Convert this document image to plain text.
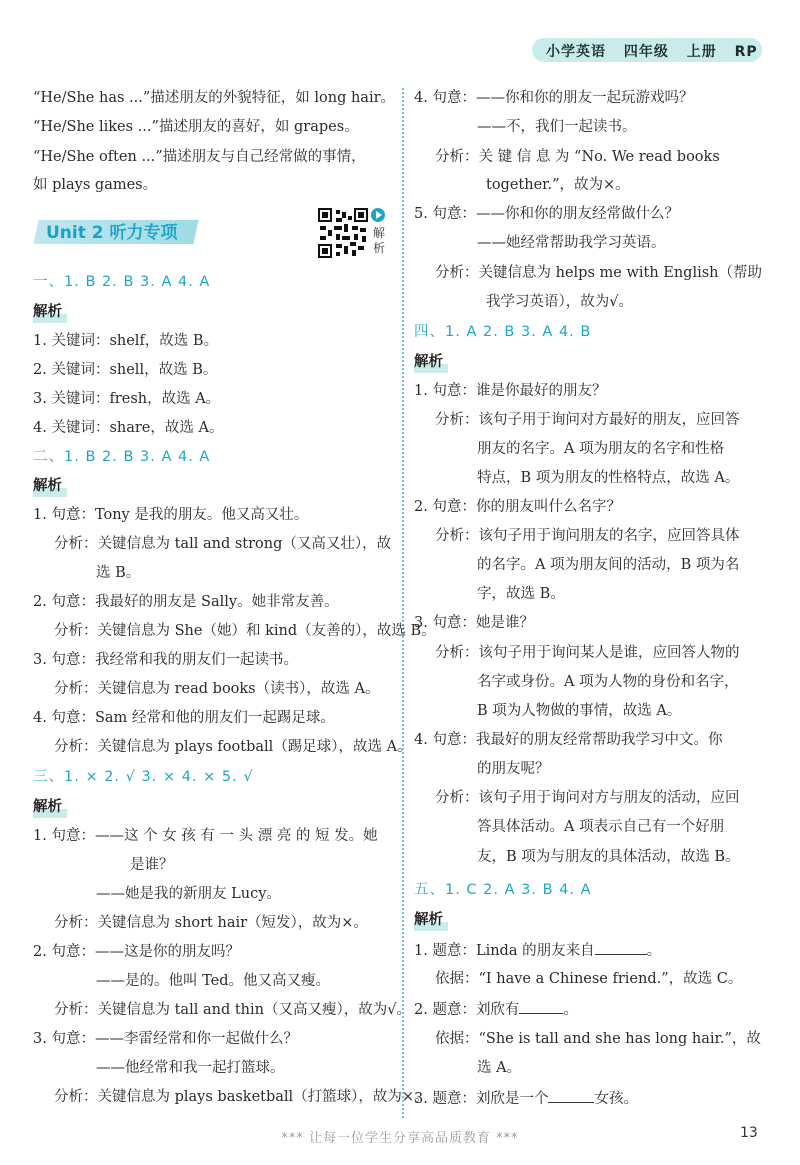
小学英语 四年级 上册 RP
“He/She has ...”描述朋友的外貌特征，如 long hair。
“He/She likes ...”描述朋友的喜好，如 grapes。
“He/She often ...”描述朋友与自己经常做的事情，
如 plays games。
Unit 2 听力专项	解析
一、1. B 2. B 3. A 4. A
解析
1. 关键词：shelf，故选 B。
2. 关键词：shell，故选 B。
3. 关键词：fresh，故选 A。
4. 关键词：share，故选 A。
二、1. B 2. B 3. A 4. A
解析
1. 句意：Tony 是我的朋友。他又高又壮。
分析：关键信息为 tall and strong（又高又壮），故
选 B。
2. 句意：我最好的朋友是 Sally。她非常友善。
分析：关键信息为 She（她）和 kind（友善的），故选 B。
3. 句意：我经常和我的朋友们一起读书。
分析：关键信息为 read books（读书），故选 A。
4. 句意：Sam 经常和他的朋友们一起踢足球。
分析：关键信息为 plays football（踢足球），故选 A。
三、1. × 2. √ 3. × 4. × 5. √
解析
1. 句意：——这 个 女 孩 有 一 头 漂 亮 的 短 发。她
是谁？
——她是我的新朋友 Lucy。
分析：关键信息为 short hair（短发），故为×。
2. 句意：——这是你的朋友吗？
——是的。他叫 Ted。他又高又瘦。
分析：关键信息为 tall and thin（又高又瘦），故为√。
3. 句意：——李雷经常和你一起做什么？
——他经常和我一起打篮球。
分析：关键信息为 plays basketball（打篮球），故为×。
4. 句意：——你和你的朋友一起玩游戏吗？
——不，我们一起读书。
分析：关 键 信 息 为 “No. We read books
together.”，故为×。
5. 句意：——你和你的朋友经常做什么？
——她经常帮助我学习英语。
分析：关键信息为 helps me with English（帮助
我学习英语），故为√。
四、1. A 2. B 3. A 4. B
解析
1. 句意：谁是你最好的朋友？
分析：该句子用于询问对方最好的朋友，应回答
朋友的名字。A 项为朋友的名字和性格
特点，B 项为朋友的性格特点，故选 A。
2. 句意：你的朋友叫什么名字？
分析：该句子用于询问朋友的名字，应回答具体
的名字。A 项为朋友间的活动，B 项为名
字，故选 B。
3. 句意：她是谁？
分析：该句子用于询问某人是谁，应回答人物的
名字或身份。A 项为人物的身份和名字，
B 项为人物做的事情，故选 A。
4. 句意：我最好的朋友经常帮助我学习中文。你
的朋友呢？
分析：该句子用于询问对方与朋友的活动，应回
答具体活动。A 项表示自己有一个好朋
友，B 项为与朋友的具体活动，故选 B。
五、1. C 2. A 3. B 4. A
解析
1. 题意：Linda 的朋友来自	。
依据：“I have a Chinese friend.”，故选 C。
2. 题意：刘欣有	。
依据：“She is tall and she has long hair.”，故
选 A。
3. 题意：刘欣是一个	女孩。
*** 让每一位学生分享高品质教育 ***	13
